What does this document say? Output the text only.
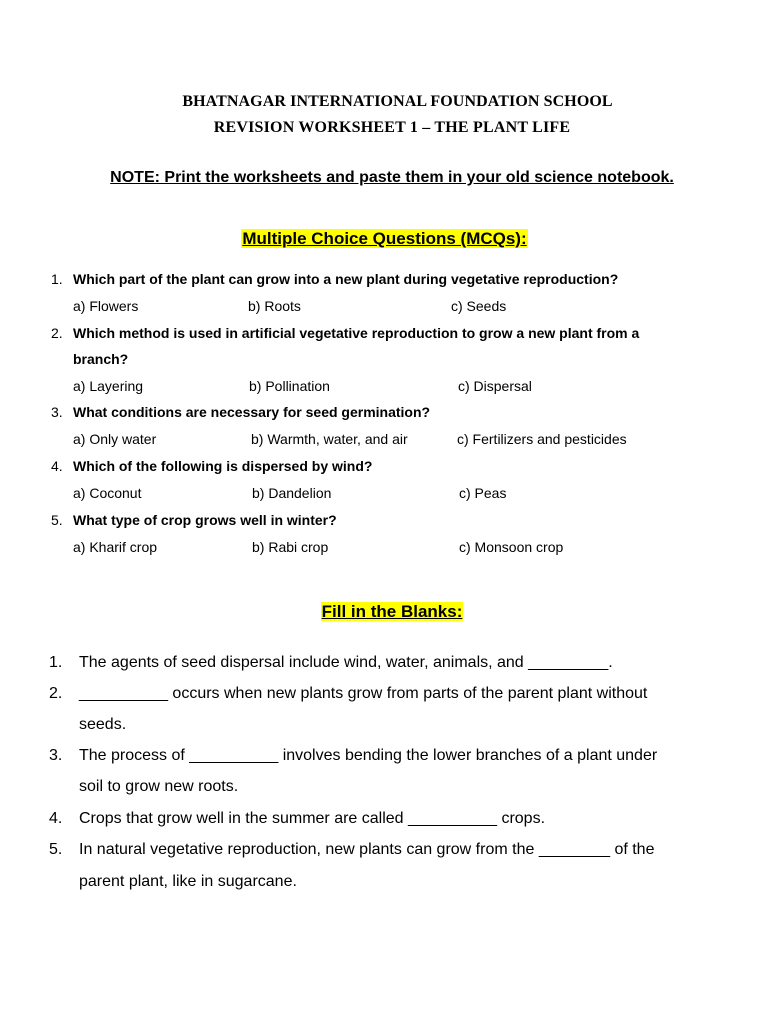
BHATNAGAR INTERNATIONAL FOUNDATION SCHOOL
REVISION WORKSHEET 1 – THE PLANT LIFE
NOTE: Print the worksheets and paste them in your old science notebook.
Multiple Choice Questions (MCQs):
1. Which part of the plant can grow into a new plant during vegetative reproduction?
a) Flowers	b) Roots	c) Seeds
2. Which method is used in artificial vegetative reproduction to grow a new plant from a
branch?
a) Layering	b) Pollination	c) Dispersal
3. What conditions are necessary for seed germination?
a) Only water	b) Warmth, water, and air	c) Fertilizers and pesticides
4. Which of the following is dispersed by wind?
a) Coconut	b) Dandelion	c) Peas
5. What type of crop grows well in winter?
a) Kharif crop	b) Rabi crop	c) Monsoon crop
Fill in the Blanks:
1. The agents of seed dispersal include wind, water, animals, and _________.
2. __________ occurs when new plants grow from parts of the parent plant without
seeds.
3. The process of __________ involves bending the lower branches of a plant under
soil to grow new roots.
4. Crops that grow well in the summer are called __________ crops.
5. In natural vegetative reproduction, new plants can grow from the ________ of the
parent plant, like in sugarcane.
